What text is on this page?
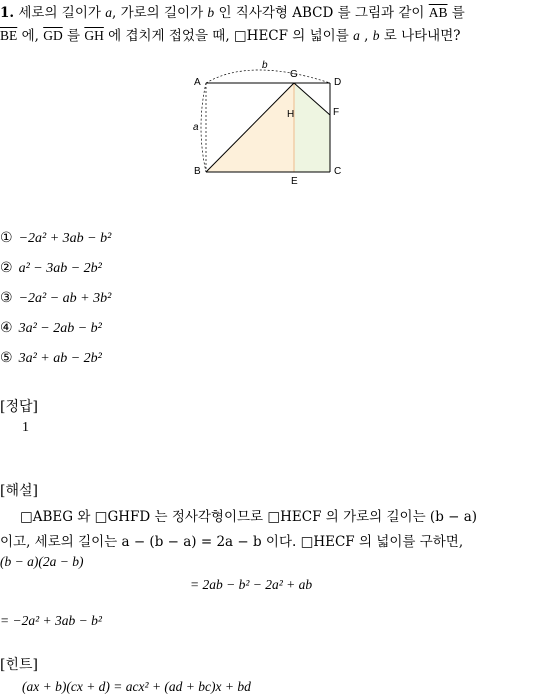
1. 세로의 길이가 a, 가로의 길이가 b 인 직사각형 ABCD 를 그림과 같이 $\overline{AB}$ 를
$\overline{BE}$ 에, $\overline{GD}$ 를 $\overline{GH}$ 에 겹치게 접었을 때, □HECF 의 넓이를 a , b 로 나타내면?
A
b
G
D
H	F
a
B
E
C
① −2a² + 3ab − b²
② a² − 3ab − 2b²
③ −2a² − ab + 3b²
④ 3a² − 2ab − b²
⑤ 3a² + ab − 2b²
[정답]
1
[해설]
□ABEG 와 □GHFD 는 정사각형이므로 □HECF 의 가로의 길이는 (b − a)
이고, 세로의 길이는 a − (b − a) = 2a − b 이다. □HECF 의 넓이를 구하면,
(b − a)(2a − b)
= 2ab − b² − 2a² + ab
= −2a² + 3ab − b²
[힌트]
(ax + b)(cx + d) = acx² + (ad + bc)x + bd
